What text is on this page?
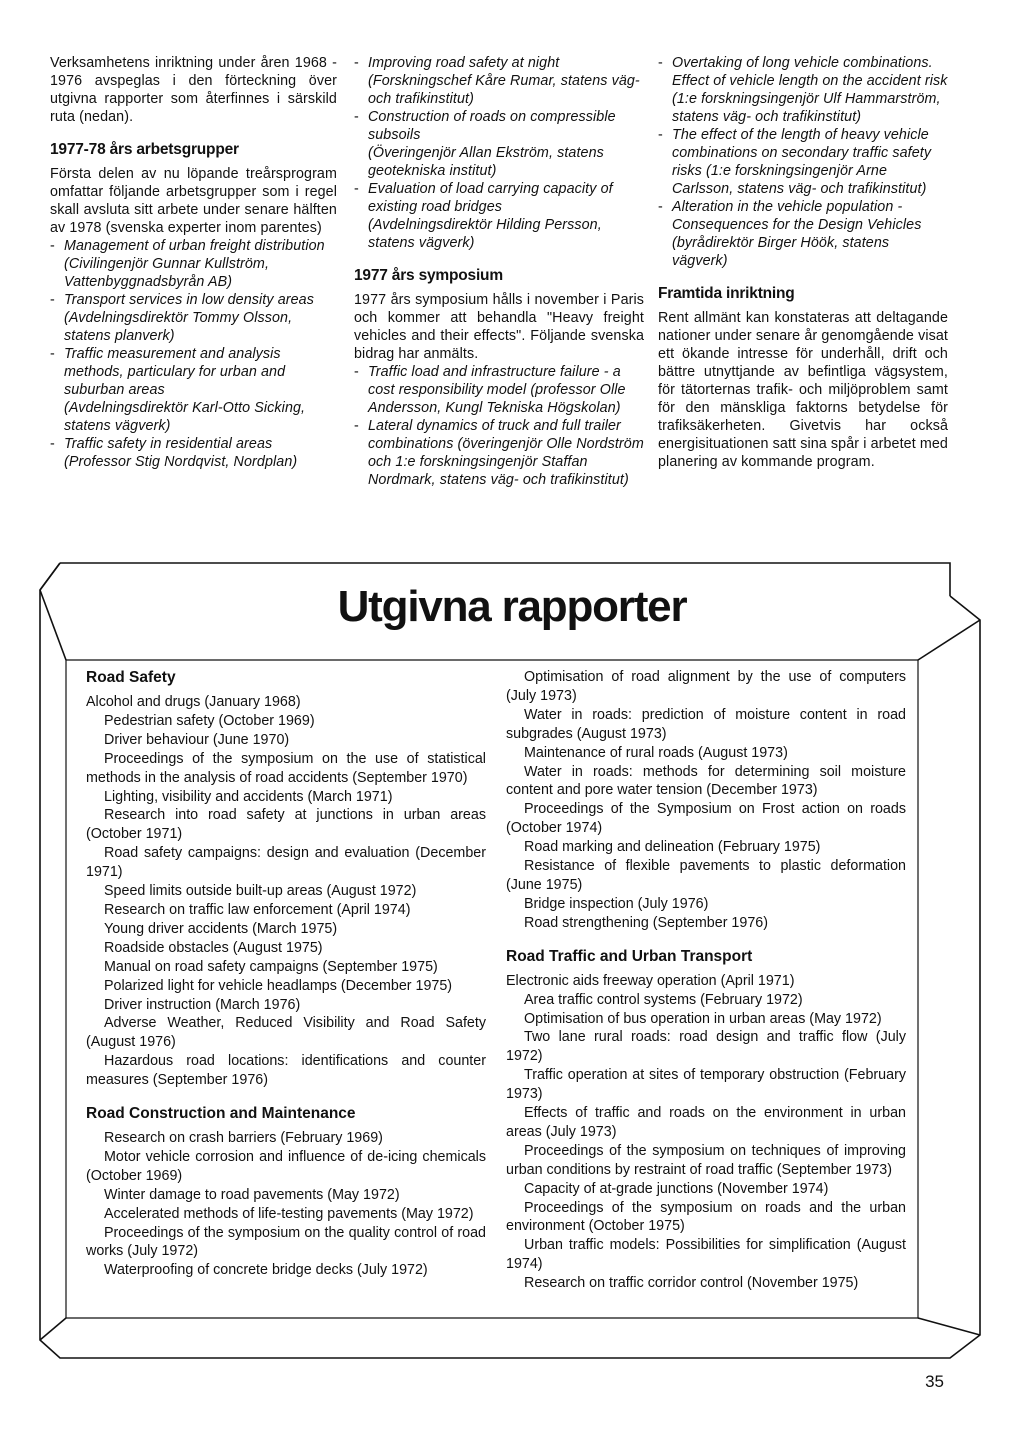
Verksamhetens inriktning under åren 1968 - 1976 avspeglas i den förteckning över utgivna rapporter som återfinnes i särskild ruta (nedan).

1977-78 års arbetsgrupper

Första delen av nu löpande treårsprogram omfattar följande arbetsgrupper som i regel skall avsluta sitt arbete under senare hälften av 1978 (svenska experter inom parentes)

- Management of urban freight distribution
(Civilingenjör Gunnar Kullström, Vattenbyggnadsbyrån AB)
- Transport services in low density areas
(Avdelningsdirektör Tommy Olsson, statens planverk)
- Traffic measurement and analysis methods, particulary for urban and suburban areas
(Avdelningsdirektör Karl-Otto Sicking, statens vägverk)
- Traffic safety in residential areas
(Professor Stig Nordqvist, Nordplan)
- Improving road safety at night
(Forskningschef Kåre Rumar, statens väg- och trafikinstitut)
- Construction of roads on compressible subsoils
(Överingenjör Allan Ekström, statens geotekniska institut)
- Evaluation of load carrying capacity of existing road bridges
(Avdelningsdirektör Hilding Persson, statens vägverk)

1977 års symposium

1977 års symposium hålls i november i Paris och kommer att behandla "Heavy freight vehicles and their effects". Följande svenska bidrag har anmälts.

- Traffic load and infrastructure failure - a cost responsibility model (professor Olle Andersson, Kungl Tekniska Högskolan)
- Lateral dynamics of truck and full trailer combinations (överingenjör Olle Nordström och 1:e forskningsingenjör Staffan Nordmark, statens väg- och trafikinstitut)
- Overtaking of long vehicle combinations. Effect of vehicle length on the accident risk (1:e forskningsingenjör Ulf Hammarström, statens väg- och trafikinstitut)
- The effect of the length of heavy vehicle combinations on secondary traffic safety risks (1:e forskningsingenjör Arne Carlsson, statens väg- och trafikinstitut)
- Alteration in the vehicle population - Consequences for the Design Vehicles (byrådirektör Birger Höök, statens vägverk)

Framtida inriktning

Rent allmänt kan konstateras att deltagande nationer under senare år genomgående visat ett ökande intresse för underhåll, drift och bättre utnyttjande av befintliga vägsystem, för tätorternas trafik- och miljöproblem samt för den mänskliga faktorns betydelse för trafiksäkerheten. Givetvis har också energisituationen satt sina spår i arbetet med planering av kommande program.

Utgivna rapporter

Road Safety

Alcohol and drugs (January 1968)

Pedestrian safety (October 1969)

Driver behaviour (June 1970)

Proceedings of the symposium on the use of statistical methods in the analysis of road accidents (September 1970)

Lighting, visibility and accidents (March 1971)

Research into road safety at junctions in urban areas (October 1971)

Road safety campaigns: design and evaluation (December 1971)

Speed limits outside built-up areas (August 1972)

Research on traffic law enforcement (April 1974)

Young driver accidents (March 1975)

Roadside obstacles (August 1975)

Manual on road safety campaigns (September 1975)

Polarized light for vehicle headlamps (December 1975)

Driver instruction (March 1976)

Adverse Weather, Reduced Visibility and Road Safety (August 1976)

Hazardous road locations: identifications and counter measures (September 1976)

Road Construction and Maintenance

Research on crash barriers (February 1969)

Motor vehicle corrosion and influence of de-icing chemicals (October 1969)

Winter damage to road pavements (May 1972)

Accelerated methods of life-testing pavements (May 1972)

Proceedings of the symposium on the quality control of road works (July 1972)

Waterproofing of concrete bridge decks (July 1972)

Optimisation of road alignment by the use of computers (July 1973)

Water in roads: prediction of moisture content in road subgrades (August 1973)

Maintenance of rural roads (August 1973)

Water in roads: methods for determining soil moisture content and pore water tension (December 1973)

Proceedings of the Symposium on Frost action on roads (October 1974)

Road marking and delineation (February 1975)

Resistance of flexible pavements to plastic deformation (June 1975)

Bridge inspection (July 1976)

Road strengthening (September 1976)

Road Traffic and Urban Transport

Electronic aids freeway operation (April 1971)

Area traffic control systems (February 1972)

Optimisation of bus operation in urban areas (May 1972)

Two lane rural roads: road design and traffic flow (July 1972)

Traffic operation at sites of temporary obstruction (February 1973)

Effects of traffic and roads on the environment in urban areas (July 1973)

Proceedings of the symposium on techniques of improving urban conditions by restraint of road traffic (September 1973)

Capacity of at-grade junctions (November 1974)

Proceedings of the symposium on roads and the urban environment (October 1975)

Urban traffic models: Possibilities for simplification (August 1974)

Research on traffic corridor control (November 1975)

35
